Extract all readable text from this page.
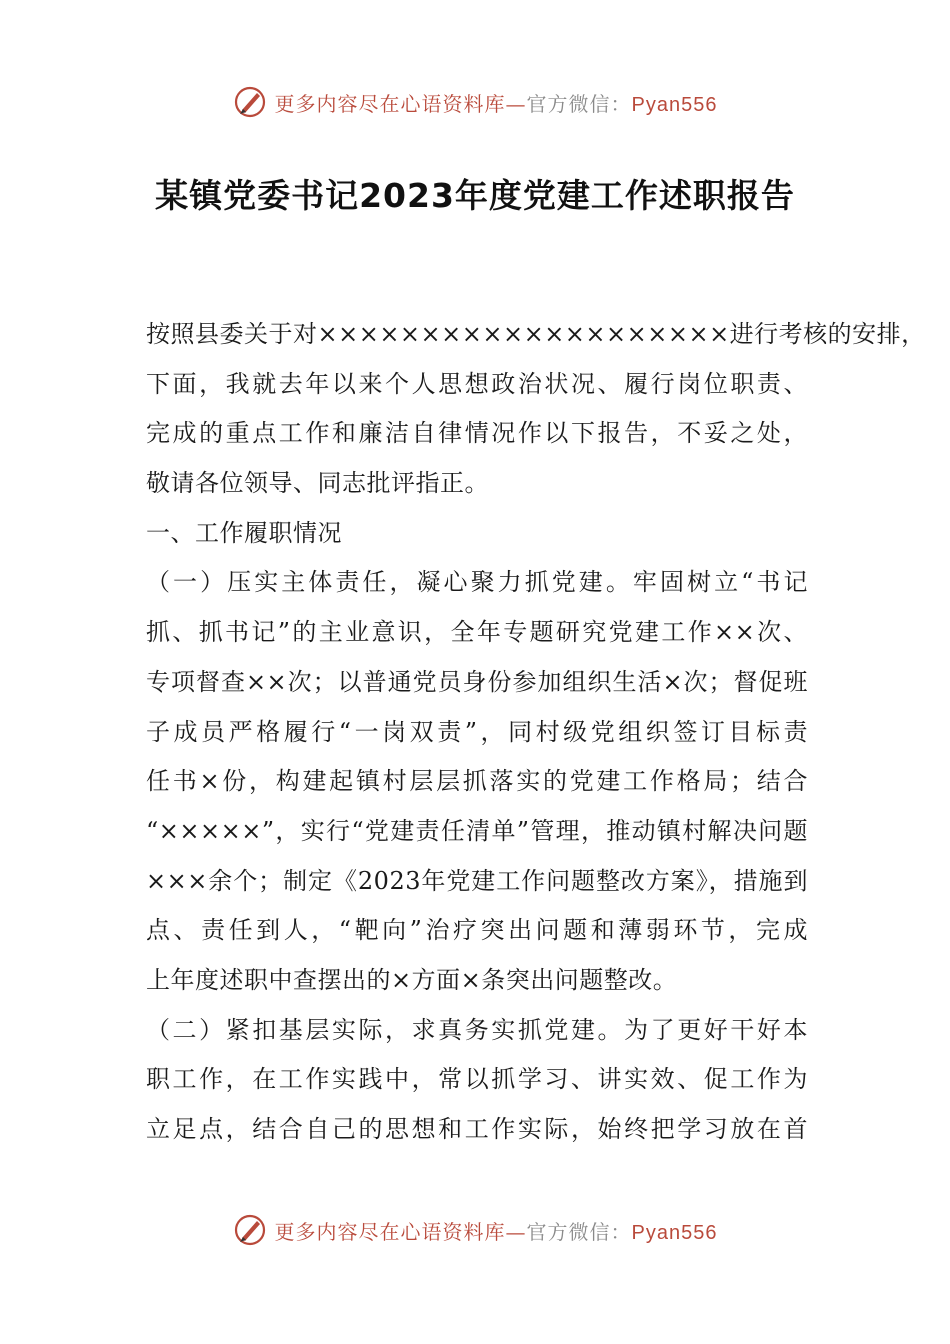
更多内容尽在心语资料库—官方微信：Pyan556
某镇党委书记2023年度党建工作述职报告
按照县委关于对××××××××××××××××××××进行考核的安排，
下面，我就去年以来个人思想政治状况、履行岗位职责、
完成的重点工作和廉洁自律情况作以下报告，不妥之处，
敬请各位领导、同志批评指正。
一、工作履职情况
（一）压实主体责任，凝心聚力抓党建。牢固树立“书记
抓、抓书记”的主业意识，全年专题研究党建工作××次、
专项督查××次；以普通党员身份参加组织生活×次；督促班
子成员严格履行“一岗双责”，同村级党组织签订目标责
任书×份，构建起镇村层层抓落实的党建工作格局；结合
“×××××”，实行“党建责任清单”管理，推动镇村解决问题
×××余个；制定《2023年党建工作问题整改方案》，措施到
点、责任到人，“靶向”治疗突出问题和薄弱环节，完成
上年度述职中查摆出的×方面×条突出问题整改。
（二）紧扣基层实际，求真务实抓党建。为了更好干好本
职工作，在工作实践中，常以抓学习、讲实效、促工作为
立足点，结合自己的思想和工作实际，始终把学习放在首
更多内容尽在心语资料库—官方微信：Pyan556
